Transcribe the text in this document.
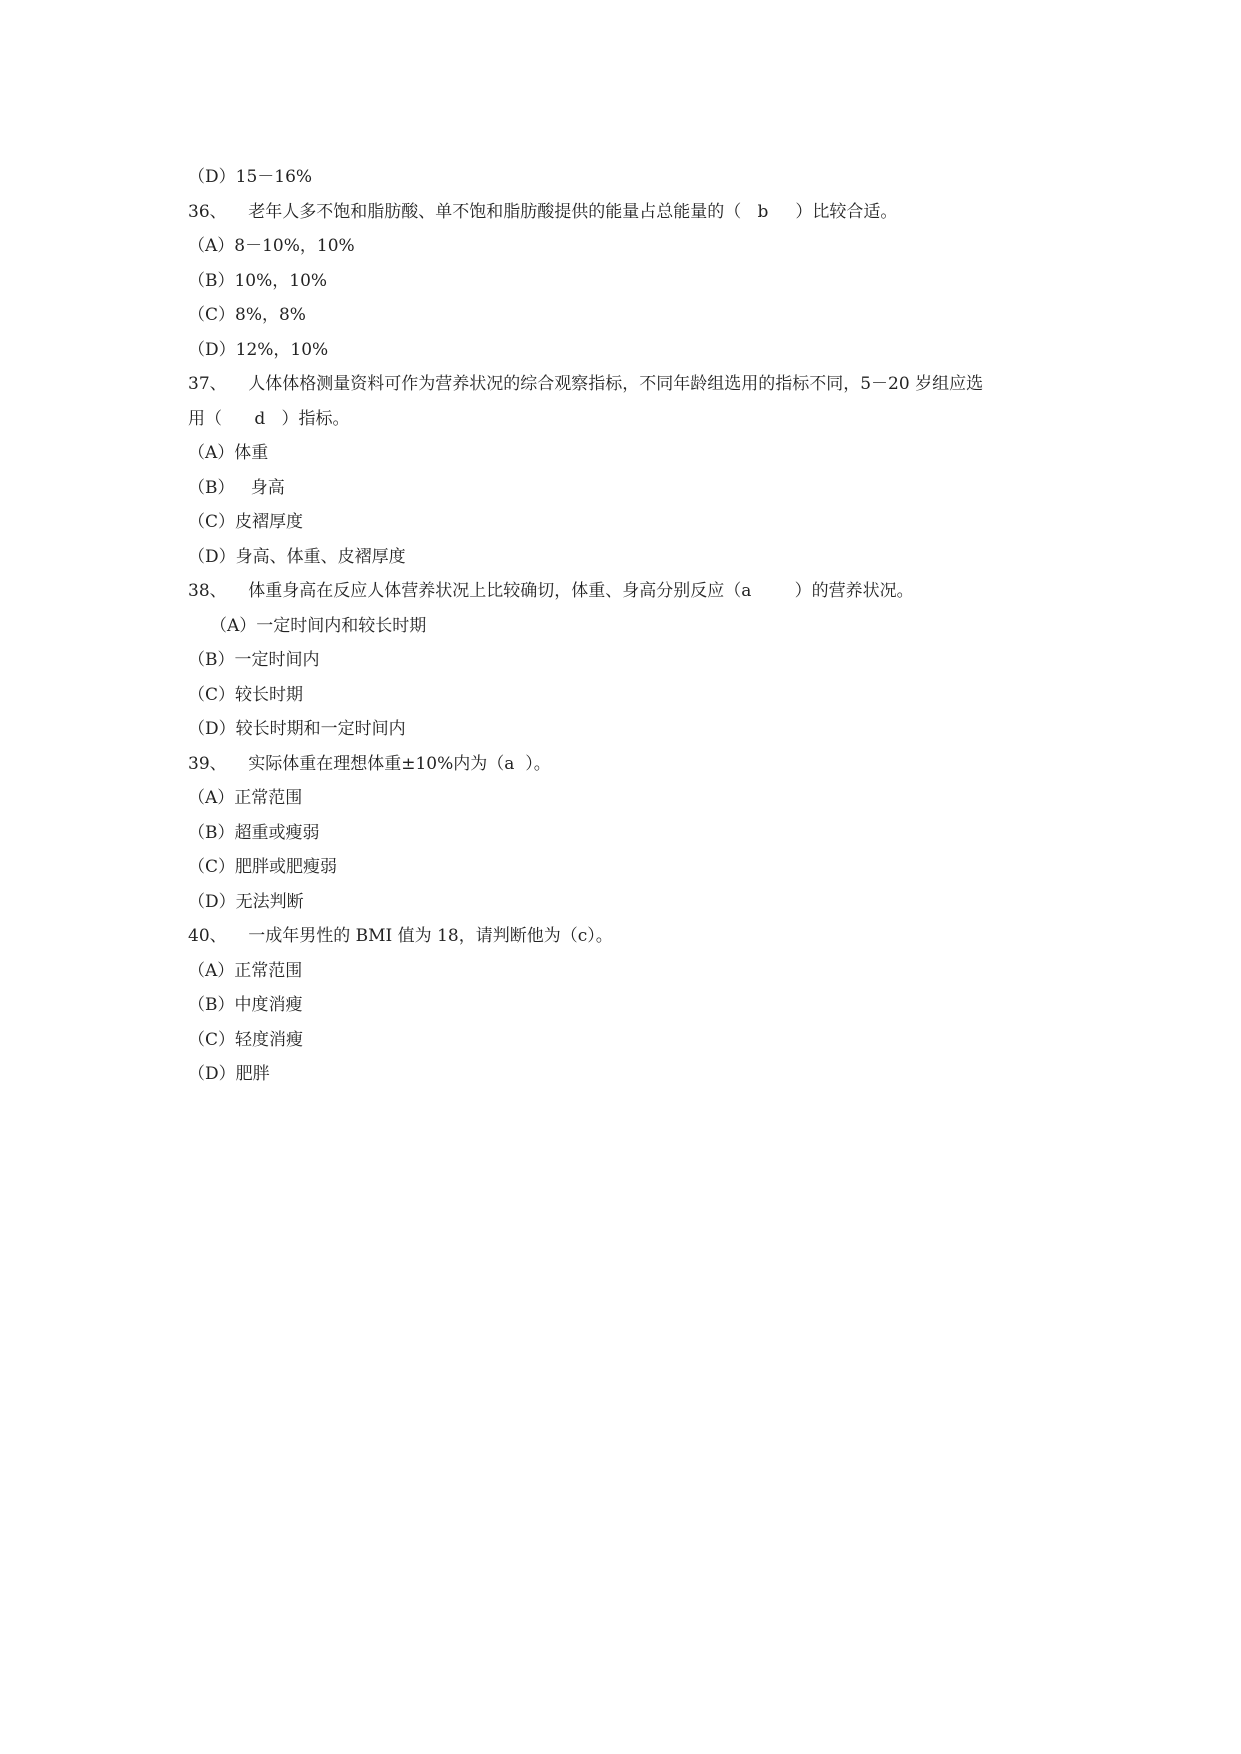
（D）15－16%
36、    老年人多不饱和脂肪酸、单不饱和脂肪酸提供的能量占总能量的（   b     ）比较合适。
（A）8－10%，10%
（B）10%，10%
（C）8%，8%
（D）12%，10%
37、    人体体格测量资料可作为营养状况的综合观察指标，不同年龄组选用的指标不同，5－20 岁组应选
用（      d   ）指标。
（A）体重
（B）   身高
（C）皮褶厚度
（D）身高、体重、皮褶厚度
38、    体重身高在反应人体营养状况上比较确切，体重、身高分别反应（a        ）的营养状况。
（A）一定时间内和较长时期
（B）一定时间内
（C）较长时期
（D）较长时期和一定时间内
39、    实际体重在理想体重±10%内为（a  ）。
（A）正常范围
（B）超重或瘦弱
（C）肥胖或肥瘦弱
（D）无法判断
40、    一成年男性的 BMI 值为 18，请判断他为（c）。
（A）正常范围
（B）中度消瘦
（C）轻度消瘦
（D）肥胖
